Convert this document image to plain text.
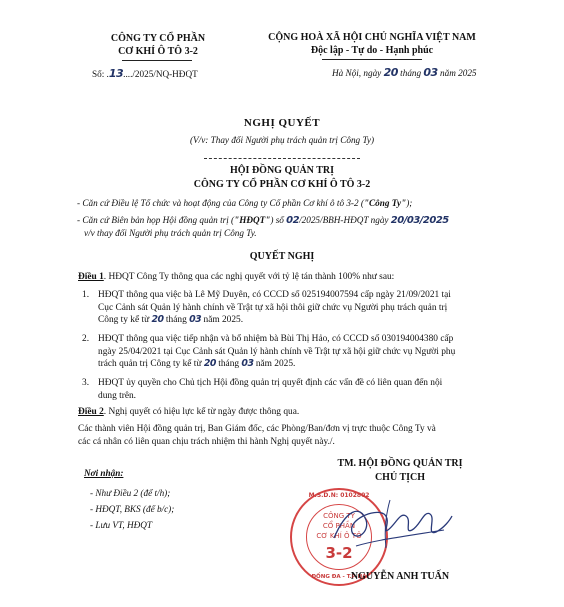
CÔNG TY CỔ PHẦN
CƠ KHÍ Ô TÔ 3-2
Số: .13..../2025/NQ-HĐQT
CỘNG HOÀ XÃ HỘI CHỦ NGHĨA VIỆT NAM
Độc lập - Tự do - Hạnh phúc
Hà Nội, ngày 20 tháng 03 năm 2025
NGHỊ QUYẾT
(V/v: Thay đổi Người phụ trách quản trị Công Ty)
HỘI ĐỒNG QUẢN TRỊ
CÔNG TY CỔ PHẦN CƠ KHÍ Ô TÔ 3-2
- Căn cứ Điều lệ Tổ chức và hoạt động của Công ty Cổ phần Cơ khí ô tô 3-2 ("Công Ty");
- Căn cứ Biên bản họp Hội đồng quản trị ("HĐQT") số 02/2025/BBH-HĐQT ngày 20/03/2025
v/v thay đổi Người phụ trách quản trị Công Ty.
QUYẾT NGHỊ
Điều 1. HĐQT Công Ty thông qua các nghị quyết với tỷ lệ tán thành 100% như sau:
1. HĐQT thông qua việc bà Lê Mỹ Duyên, có CCCD số 025194007594 cấp ngày 21/09/2021 tại
Cục Cảnh sát Quản lý hành chính về Trật tự xã hội thôi giữ chức vụ Người phụ trách quản trị
Công ty kể từ 20 tháng 03 năm 2025.
2. HĐQT thông qua việc tiếp nhận và bổ nhiệm bà Bùi Thị Hảo, có CCCD số 030194004380 cấp
ngày 25/04/2021 tại Cục Cảnh sát Quản lý hành chính về Trật tự xã hội giữ chức vụ Người phụ
trách quản trị Công ty kể từ 20 tháng 03 năm 2025.
3. HĐQT ủy quyền cho Chủ tịch Hội đồng quản trị quyết định các vấn đề có liên quan đến nội
dung trên.
Điều 2. Nghị quyết có hiệu lực kể từ ngày được thông qua.
Các thành viên Hội đồng quản trị, Ban Giám đốc, các Phòng/Ban/đơn vị trực thuộc Công Ty và
các cá nhân có liên quan chịu trách nhiệm thi hành Nghị quyết này./.
Nơi nhận:
- Như Điều 2 (để t/h);
- HĐQT, BKS (để b/c);
- Lưu VT, HĐQT
TM. HỘI ĐỒNG QUẢN TRỊ
CHỦ TỊCH
M.S.D.N: 0102802
CÔNG TY
CỔ PHẦN
CƠ KHÍ Ô TÔ
3-2
ĐỐNG ĐA - T.P HÀ
NGUYỄN ANH TUẤN
